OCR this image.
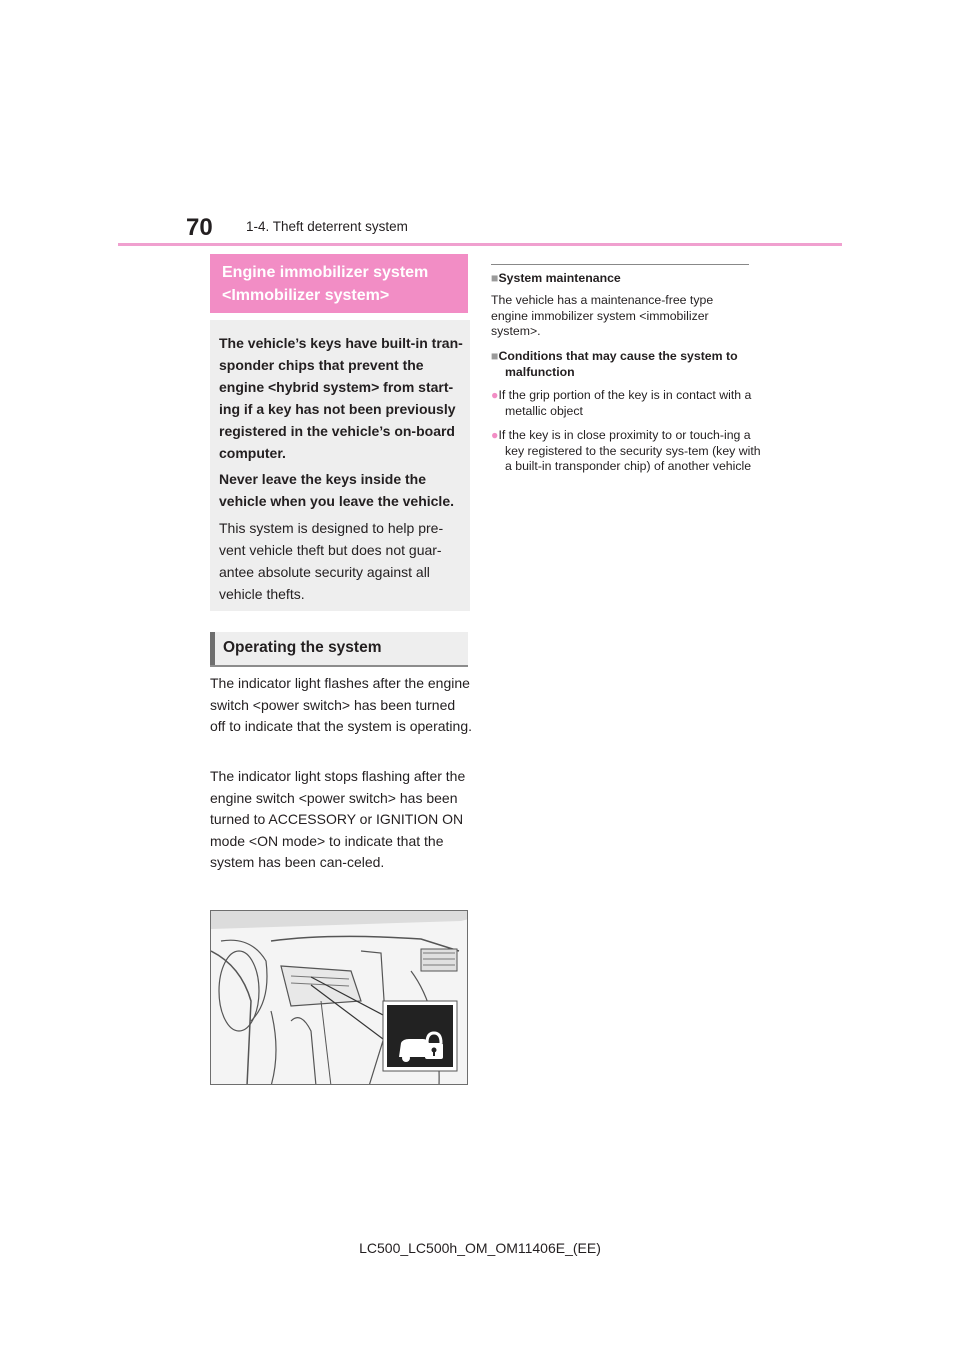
70 1-4. Theft deterrent system
Engine immobilizer system
<Immobilizer system>

The vehicle’s keys have built-in tran-sponder chips that prevent the engine <hybrid system> from start-ing if a key has not been previously registered in the vehicle’s on-board computer.

Never leave the keys inside the vehicle when you leave the vehicle.

This system is designed to help pre-vent vehicle theft but does not guar-antee absolute security against all vehicle thefts.

Operating the system

The indicator light flashes after the engine switch <power switch> has been turned off to indicate that the system is operating.

The indicator light stops flashing after the engine switch <power switch> has been turned to ACCESSORY or IGNITION ON mode <ON mode> to indicate that the system has been can-celed.

■System maintenance

The vehicle has a maintenance-free type engine immobilizer system <immobilizer system>.

■Conditions that may cause the system to malfunction

●If the grip portion of the key is in contact with a metallic object

●If the key is in close proximity to or touch-ing a key registered to the security sys-tem (key with a built-in transponder chip) of another vehicle

LC500_LC500h_OM_OM11406E_(EE)
